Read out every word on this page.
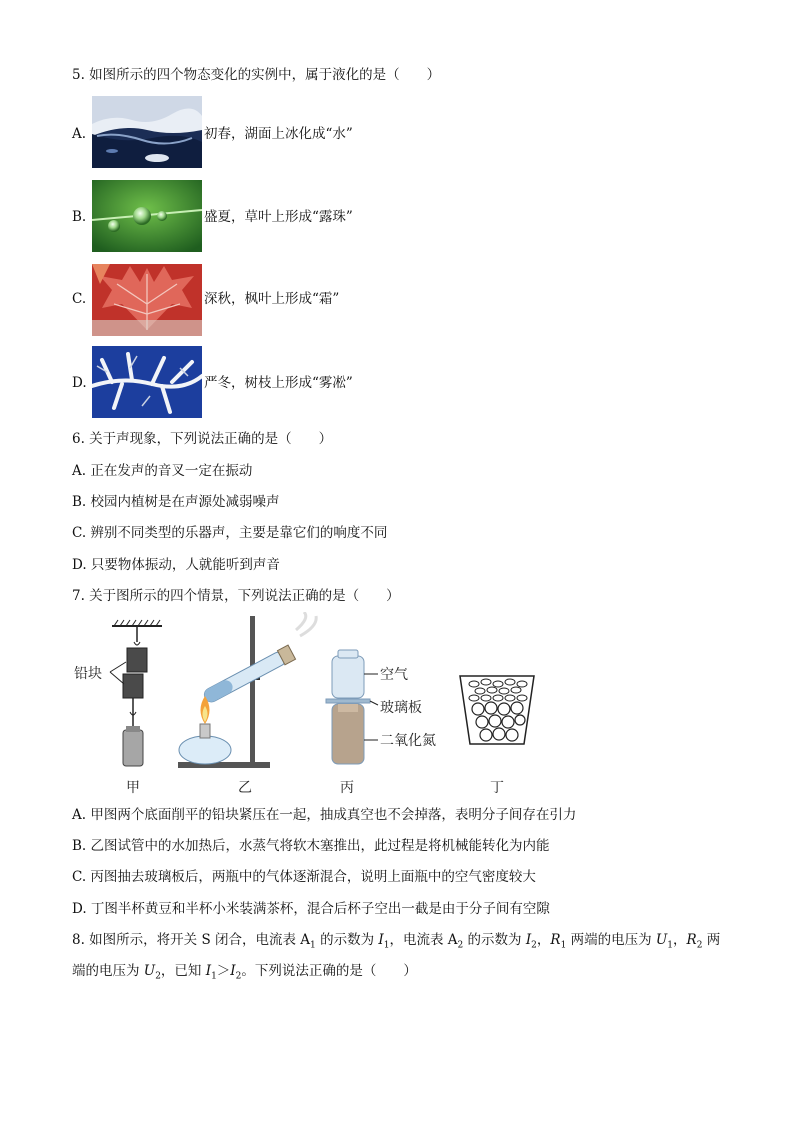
5. 如图所示的四个物态变化的实例中，属于液化的是（　　）
A.	初春，湖面上冰化成“水”
B.	盛夏，草叶上形成“露珠”
C.	深秋，枫叶上形成“霜”
D.	严冬，树枝上形成“雾凇”
6. 关于声现象，下列说法正确的是（　　）
A. 正在发声的音叉一定在振动
B. 校园内植树是在声源处减弱噪声
C. 辨别不同类型的乐器声，主要是靠它们的响度不同
D. 只要物体振动，人就能听到声音
7. 关于图所示的四个情景，下列说法正确的是（　　）
铅块
甲	乙
空气
玻璃板
二氧化氮
丙	丁
A. 甲图两个底面削平的铅块紧压在一起，抽成真空也不会掉落，表明分子间存在引力
B. 乙图试管中的水加热后，水蒸气将软木塞推出，此过程是将机械能转化为内能
C. 丙图抽去玻璃板后，两瓶中的气体逐渐混合，说明上面瓶中的空气密度较大
D. 丁图半杯黄豆和半杯小米装满茶杯，混合后杯子空出一截是由于分子间有空隙
8. 如图所示，将开关 S 闭合，电流表 $A_1$ 的示数为 $I_1$，电流表 $A_2$ 的示数为 $I_2$，$R_1$ 两端的电压为 $U_1$，$R_2$ 两
端的电压为 $U_2$，已知 $I_1>I_2$。下列说法正确的是（　　）
